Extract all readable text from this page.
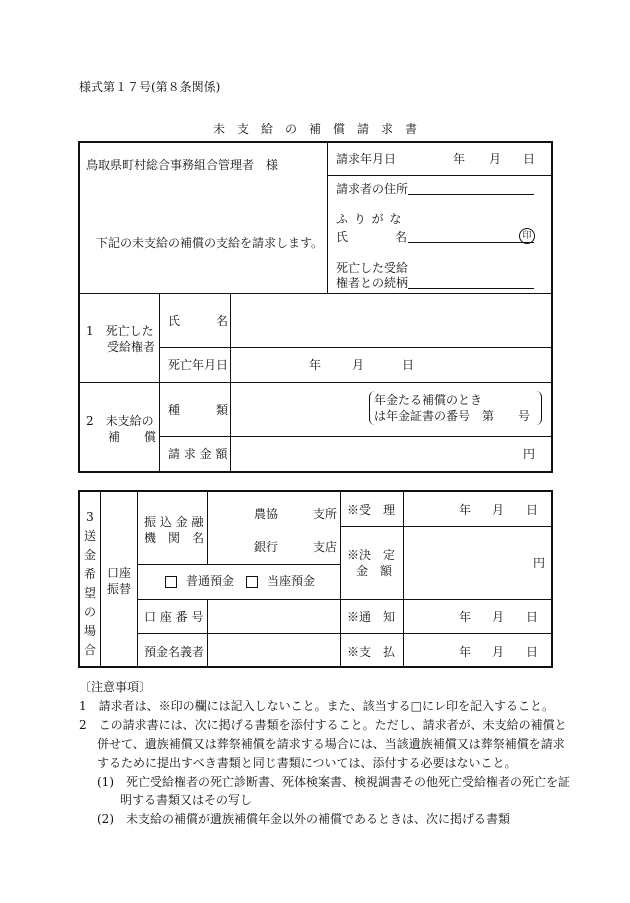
様式第１７号(第８条関係)
未　支　給　の　補　償　請　求　書
鳥取県町村総合事務組合管理者　様
下記の未支給の補償の支給を請求します。
請求年月日	年 月 日
請求者の住所
ふ り が な
氏	名	印
死亡した受給
権者との続柄
1　死亡した
受給権者
氏　　　名
死亡年月日	年	月	日
2　未支給の
補　　償
種　　　類
年金たる補償のとき
は年金証書の番号　第　　号
請 求 金 額	円
3
送
金
希
望
の
場
合
口座
振替
振 込 金 融
機　関　名
農協	支所
銀行	支店
普通預金	当座預金
口 座 番 号
預金名義者
※受　理	年 月 日
※決　定
金　額
円
※通　知	年 月 日
※支　払	年 月 日
〔注意事項〕
1　請求者は、※印の欄には記入しないこと。また、該当する□にレ印を記入すること。
2　この請求書には、次に掲げる書類を添付すること。ただし、請求者が、未支給の補償と
併せて、遺族補償又は葬祭補償を請求する場合には、当該遺族補償又は葬祭補償を請求
するために提出すべき書類と同じ書類については、添付する必要はないこと。
(1)　死亡受給権者の死亡診断書、死体検案書、検視調書その他死亡受給権者の死亡を証
明する書類又はその写し
(2)　未支給の補償が遺族補償年金以外の補償であるときは、次に掲げる書類
